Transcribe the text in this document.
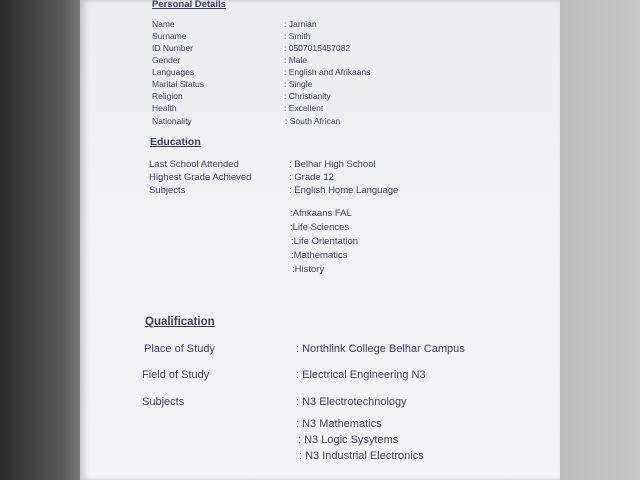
Personal Details
Name	: Jarnian
Surname	: Smith
ID Number	: 0507015457082
Gender	: Male
Languages	: English and Afrikaans
Marital Status	: Single
Religion	: Christianity
Health	: Excellent
Nationality	: South African
Education
Last School Attended	: Belhar High School
Highest Grade Achieved	: Grade 12
Subjects	: English Home Language
:Afrikaans FAL
:Life Sciences
:Life Orientation
:Mathematics
:History
Qualification
Place of Study	: Northlink College Belhar Campus
Field of Study	: Electrical Engineering N3
Subjects	: N3 Electrotechnology
: N3 Mathematics
: N3 Logic Sysytems
: N3 Industrial Electronics
